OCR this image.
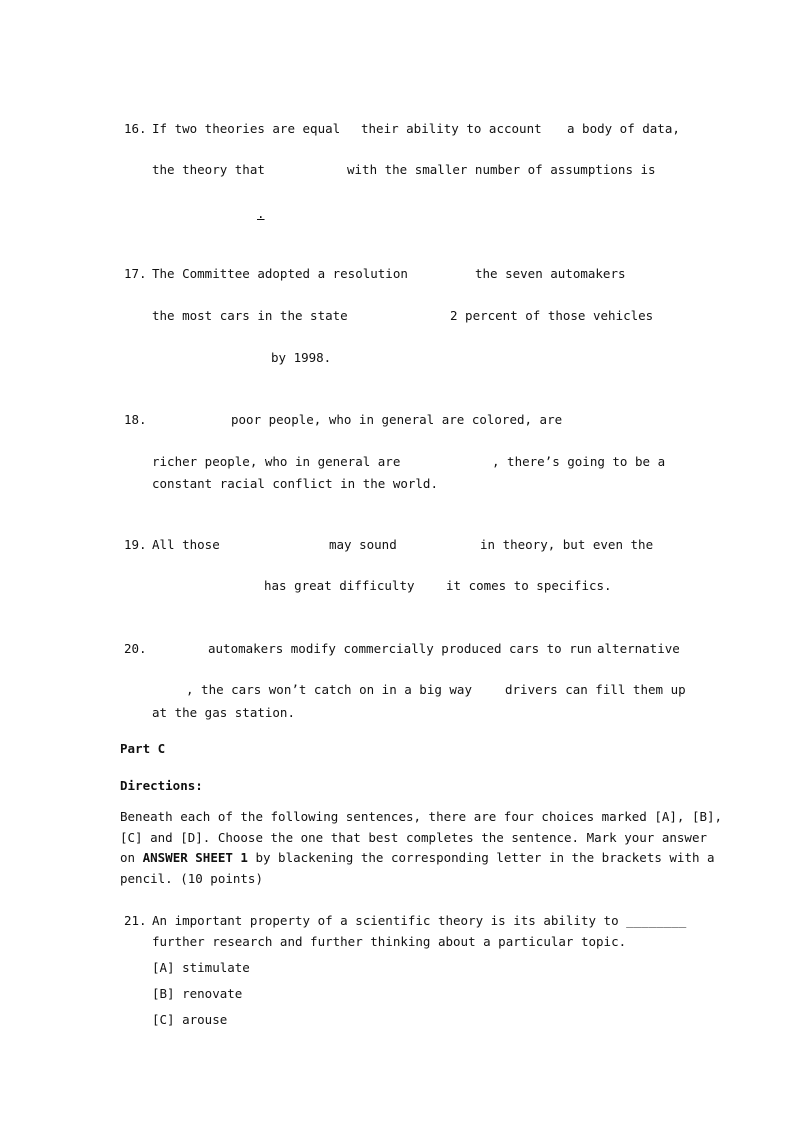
16. If two theories are equal their ability to account a body of data,
the theory that	with the smaller number of assumptions is
.
17. The Committee adopted a resolution	the seven automakers
the most cars in the state	2 percent of those vehicles
by 1998.
18.	poor people, who in general are colored, are
richer people, who in general are	, there’s going to be a
constant racial conflict in the world.
19. All those	may sound	in theory, but even the
has great difficulty	it comes to specifics.
20.	automakers modify commercially produced cars to run alternative
, the cars won’t catch on in a big way	drivers can fill them up
at the gas station.
Part C
Directions:
Beneath each of the following sentences, there are four choices marked [A], [B],
[C] and [D]. Choose the one that best completes the sentence. Mark your answer
on ANSWER SHEET 1 by blackening the corresponding letter in the brackets with a
pencil. (10 points)
21. An important property of a scientific theory is its ability to ________
further research and further thinking about a particular topic.
[A] stimulate
[B] renovate
[C] arouse
